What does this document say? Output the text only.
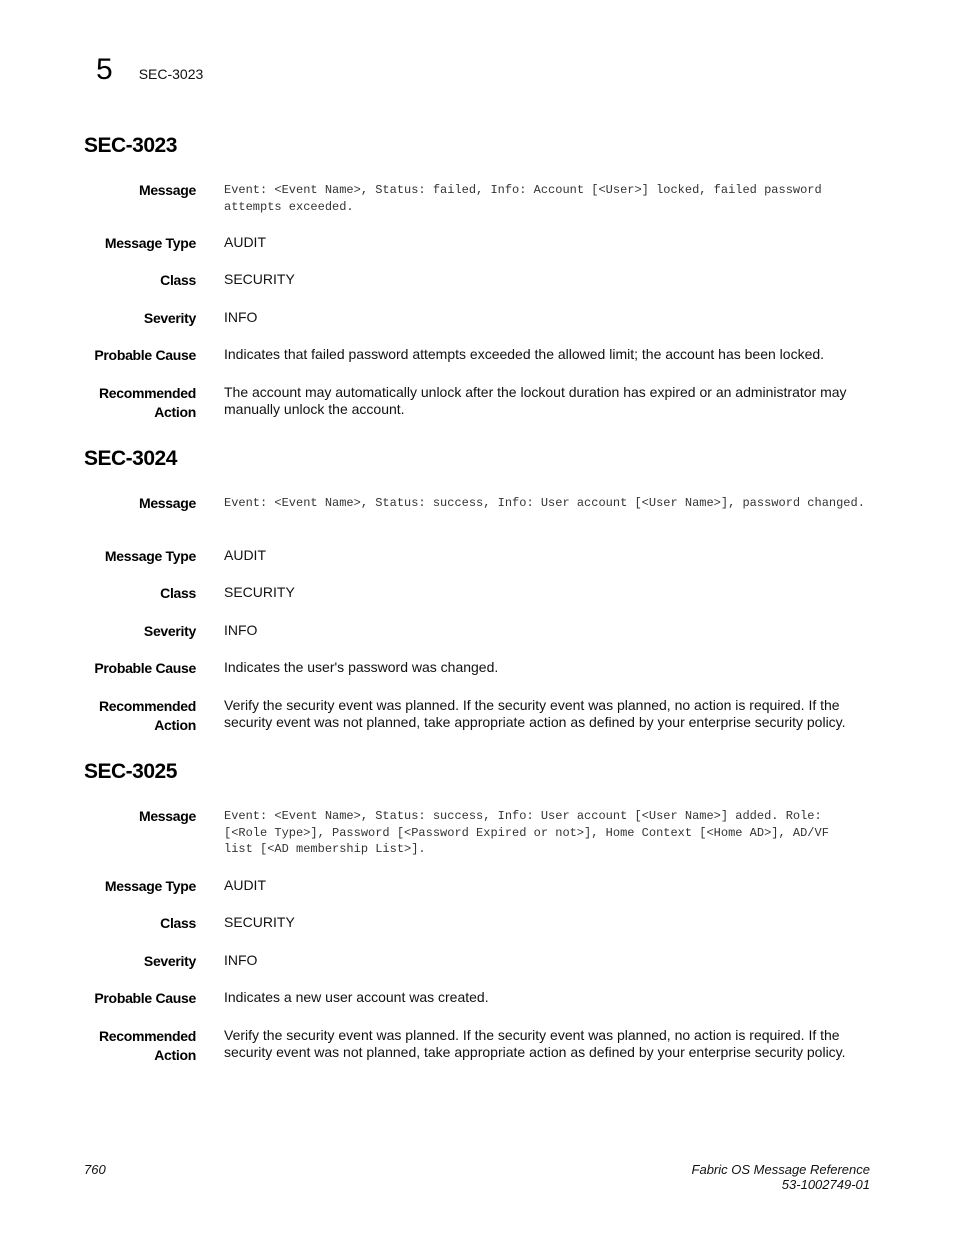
5 SEC-3023
SEC-3023
Message Event: <Event Name>, Status: failed, Info: Account [<User>] locked, failed password attempts exceeded.
Message Type AUDIT
Class SECURITY
Severity INFO
Probable Cause Indicates that failed password attempts exceeded the allowed limit; the account has been locked.
Recommended
Action
The account may automatically unlock after the lockout duration has expired or an administrator may manually unlock the account.
SEC-3024
Message Event: <Event Name>, Status: success, Info: User account [<User Name>], password changed.
Message Type AUDIT
Class SECURITY
Severity INFO
Probable Cause Indicates the user's password was changed.
Recommended
Action
Verify the security event was planned. If the security event was planned, no action is required. If the security event was not planned, take appropriate action as defined by your enterprise security policy.
SEC-3025
Message Event: <Event Name>, Status: success, Info: User account [<User Name>] added. Role: [<Role Type>], Password [<Password Expired or not>], Home Context [<Home AD>], AD/VF list [<AD membership List>].
Message Type AUDIT
Class SECURITY
Severity INFO
Probable Cause Indicates a new user account was created.
Recommended
Action
Verify the security event was planned. If the security event was planned, no action is required. If the security event was not planned, take appropriate action as defined by your enterprise security policy.
760	Fabric OS Message Reference
53-1002749-01
